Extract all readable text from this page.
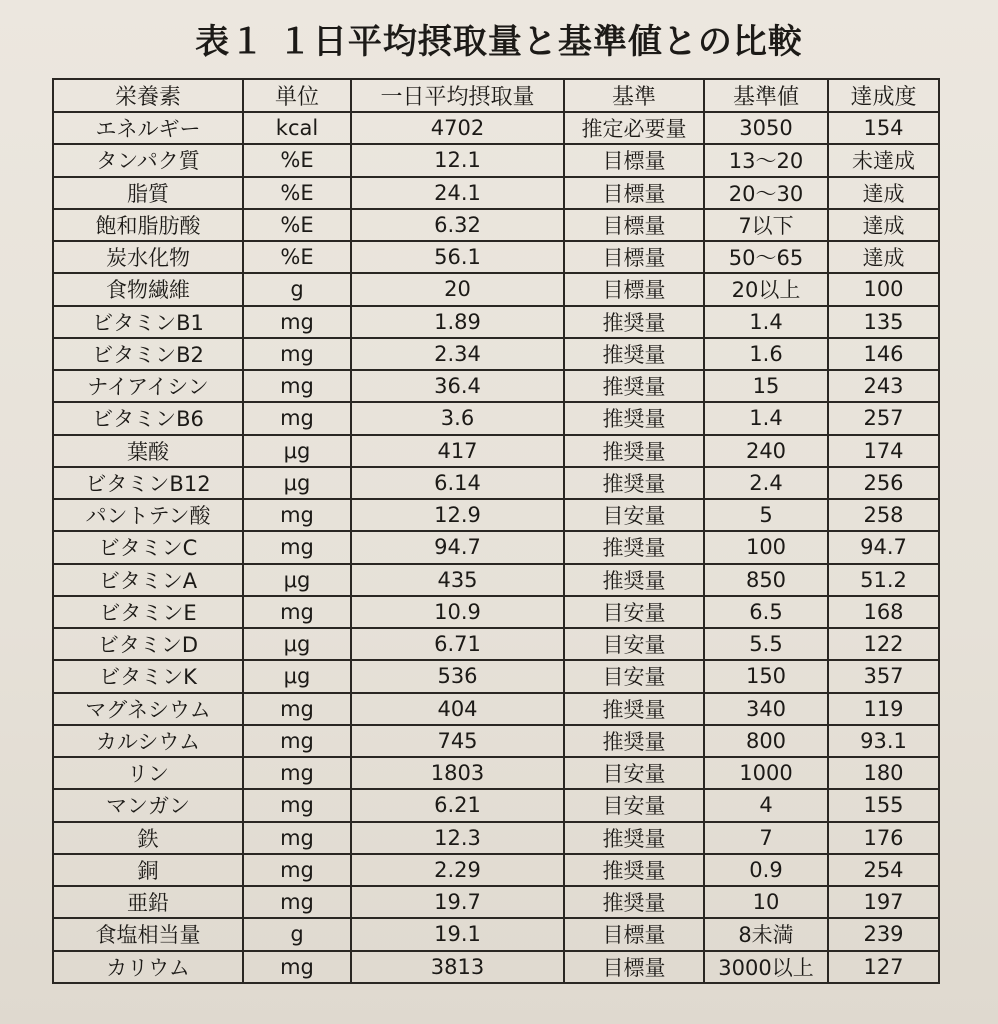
表１ １日平均摂取量と基準値との比較
栄養素	単位	一日平均摂取量	基準	基準値	達成度
エネルギー	kcal	4702	推定必要量	3050	154
タンパク質	%E	12.1	目標量	13〜20	未達成
脂質	%E	24.1	目標量	20〜30	達成
飽和脂肪酸	%E	6.32	目標量	7以下	達成
炭水化物	%E	56.1	目標量	50〜65	達成
食物繊維	g	20	目標量	20以上	100
ビタミンB1	mg	1.89	推奨量	1.4	135
ビタミンB2	mg	2.34	推奨量	1.6	146
ナイアイシン	mg	36.4	推奨量	15	243
ビタミンB6	mg	3.6	推奨量	1.4	257
葉酸	μg	417	推奨量	240	174
ビタミンB12	μg	6.14	推奨量	2.4	256
パントテン酸	mg	12.9	目安量	5	258
ビタミンC	mg	94.7	推奨量	100	94.7
ビタミンA	μg	435	推奨量	850	51.2
ビタミンE	mg	10.9	目安量	6.5	168
ビタミンD	μg	6.71	目安量	5.5	122
ビタミンK	μg	536	目安量	150	357
マグネシウム	mg	404	推奨量	340	119
カルシウム	mg	745	推奨量	800	93.1
リン	mg	1803	目安量	1000	180
マンガン	mg	6.21	目安量	4	155
鉄	mg	12.3	推奨量	7	176
銅	mg	2.29	推奨量	0.9	254
亜鉛	mg	19.7	推奨量	10	197
食塩相当量	g	19.1	目標量	8未満	239
カリウム	mg	3813	目標量	3000以上	127
